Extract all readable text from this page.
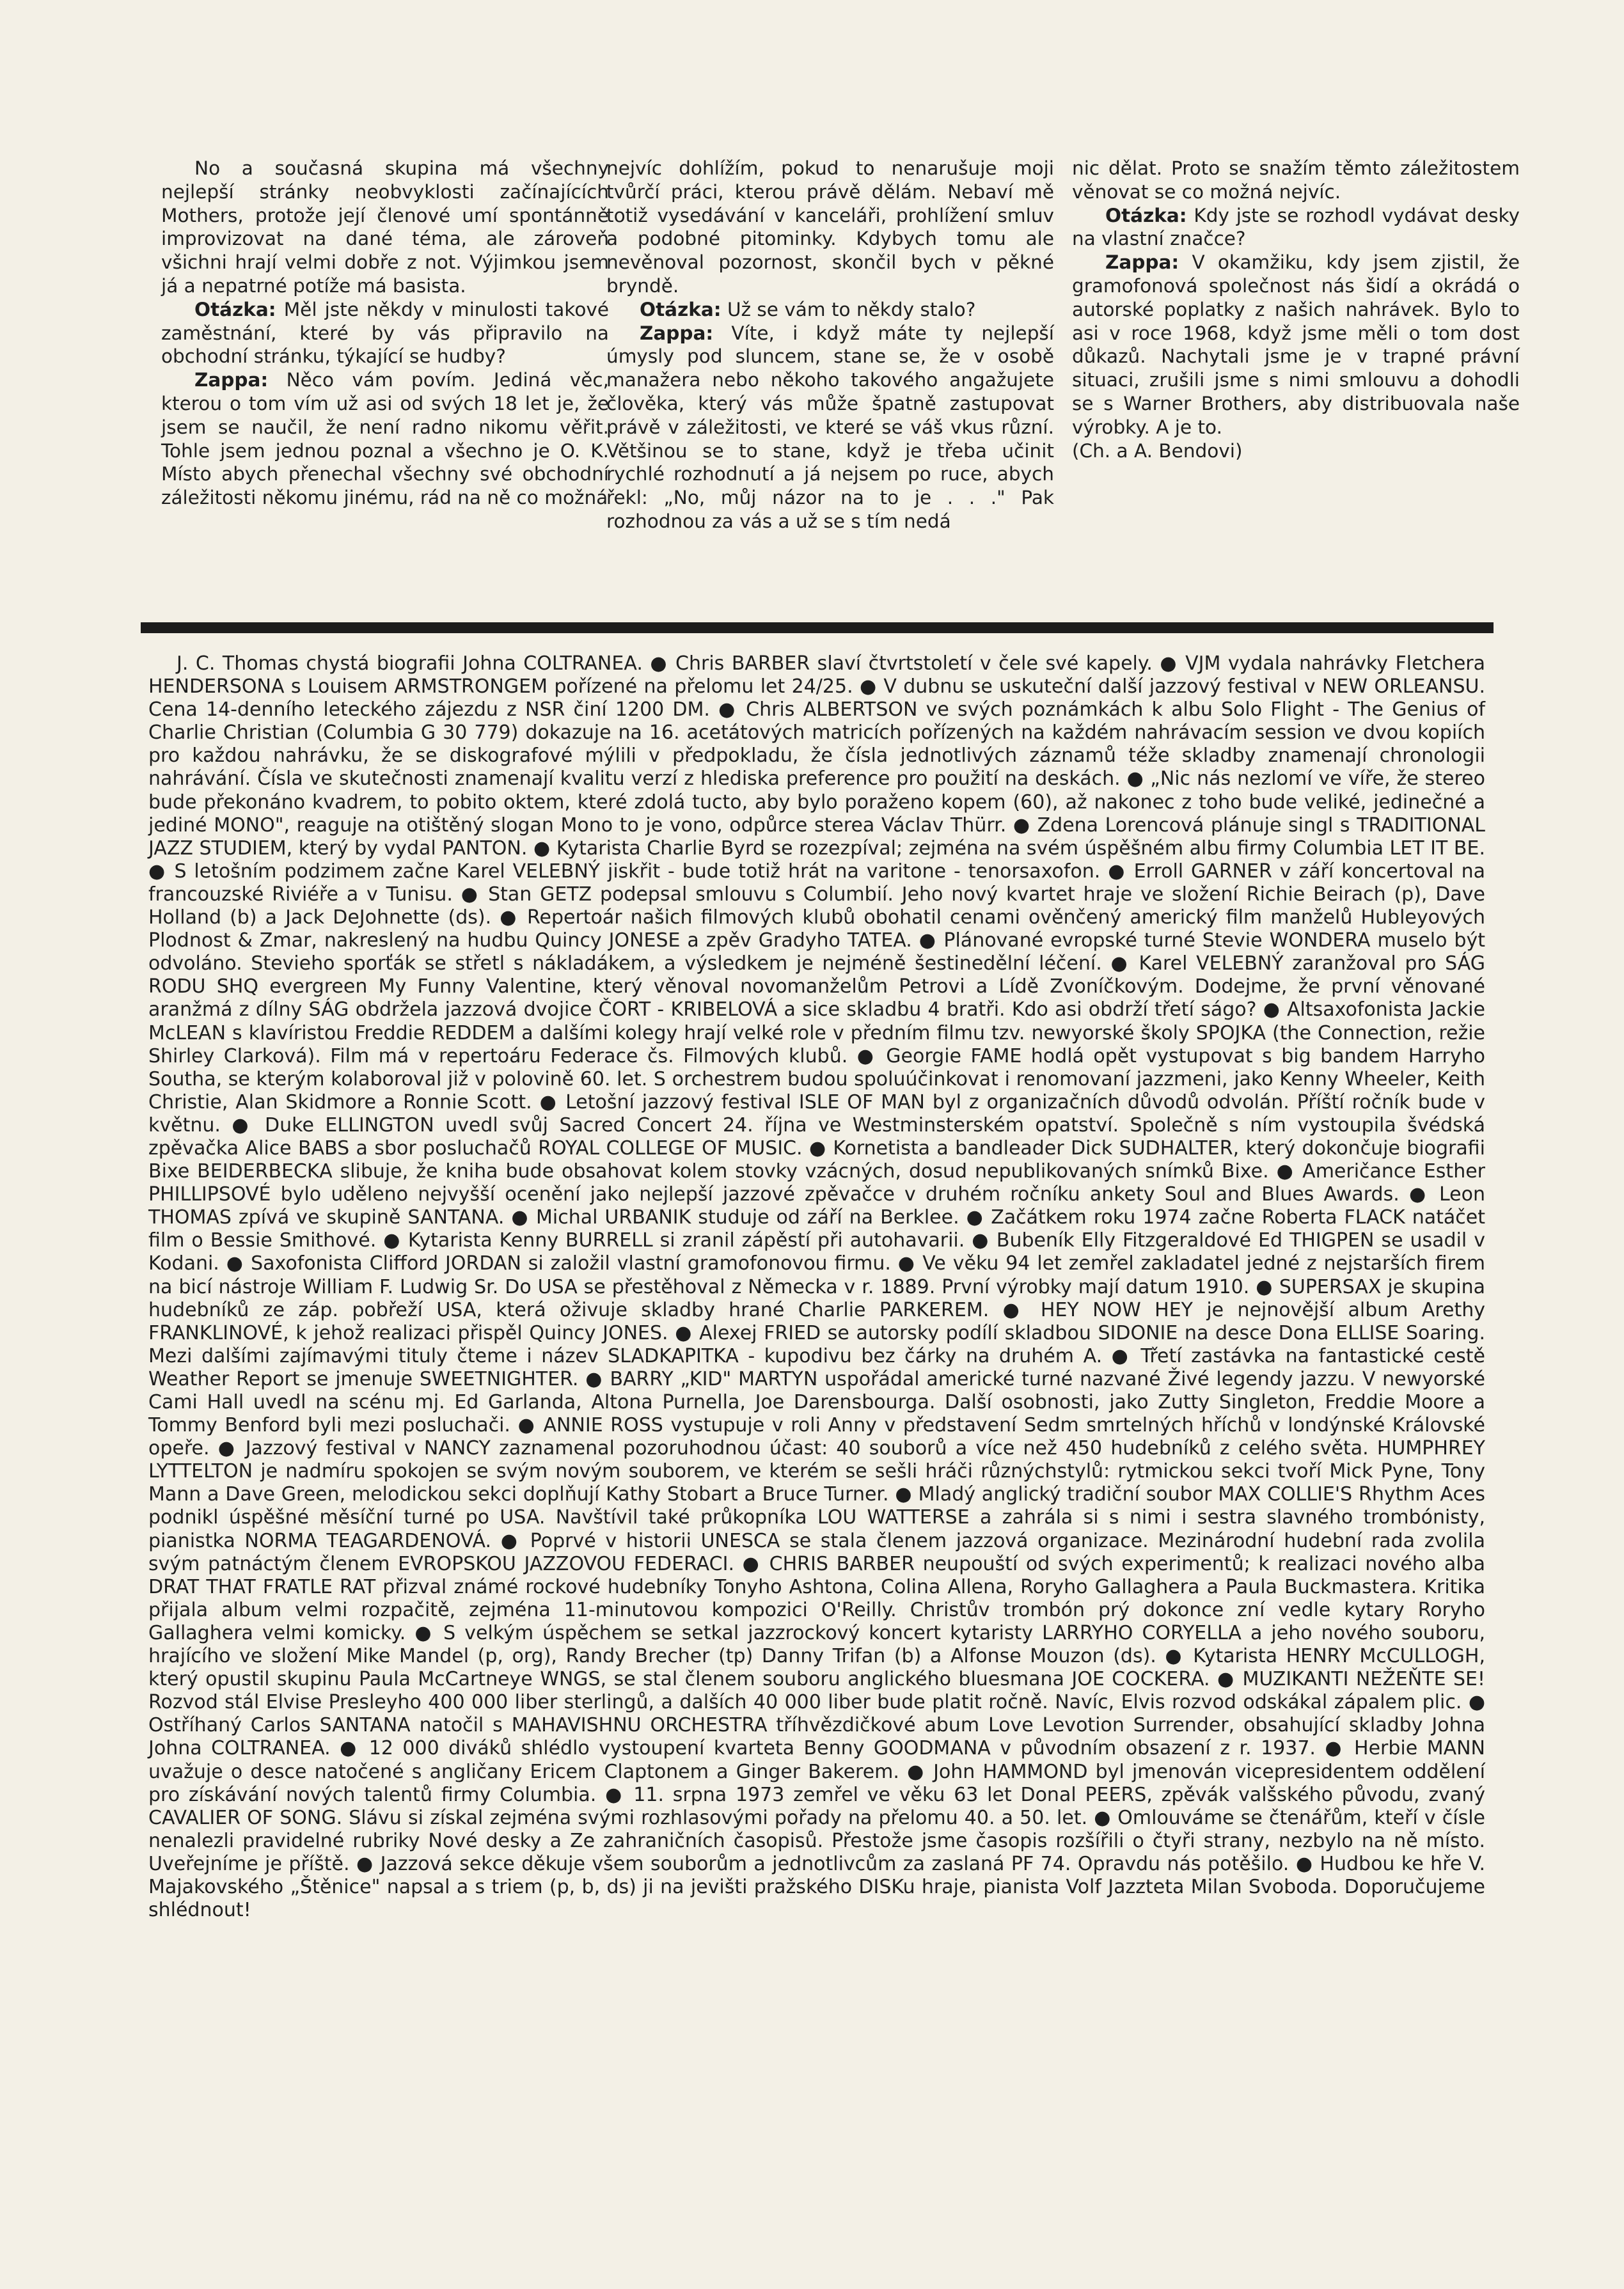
No a současná skupina má všechny nejlepší stránky neobvyklosti začínajících Mothers, protože její členové umí spontánně improvizovat na dané téma, ale zároveň všichni hrají velmi dobře z not. Výjimkou jsem já a nepatrné potíže má basista.

Otázka: Měl jste někdy v minulosti takové zaměstnání, které by vás připravilo na obchodní stránku, týkající se hudby?

Zappa: Něco vám povím. Jediná věc, kterou o tom vím už asi od svých 18 let je, že jsem se naučil, že není radno nikomu věřit. Tohle jsem jednou poznal a všechno je O. K. Místo abych přenechal všechny své obchodní záležitosti někomu jinému, rád na ně co možná

nejvíc dohlížím, pokud to nenarušuje moji tvůrčí práci, kterou právě dělám. Nebaví mě totiž vysedávání v kanceláři, prohlížení smluv a podobné pitominky. Kdybych tomu ale nevěnoval pozornost, skončil bych v pěkné bryndě.

Otázka: Už se vám to někdy stalo?

Zappa: Víte, i když máte ty nejlepší úmysly pod sluncem, stane se, že v osobě manažera nebo někoho takového angažujete člověka, který vás může špatně zastupovat právě v záležitosti, ve které se váš vkus různí. Většinou se to stane, když je třeba učinit rychlé rozhodnutí a já nejsem po ruce, abych řekl: „No, můj názor na to je . . ." Pak rozhodnou za vás a už se s tím nedá

nic dělat. Proto se snažím těmto záležitostem věnovat se co možná nejvíc.

Otázka: Kdy jste se rozhodl vydávat desky na vlastní značce?

Zappa: V okamžiku, kdy jsem zjistil, že gramofonová společnost nás šidí a okrádá o autorské poplatky z našich nahrávek. Bylo to asi v roce 1968, když jsme měli o tom dost důkazů. Nachytali jsme je v trapné právní situaci, zrušili jsme s nimi smlouvu a dohodli se s Warner Brothers, aby distribuovala naše výrobky. A je to.

(Ch. a A. Bendovi)

J. C. Thomas chystá biografii Johna COLTRANEA. ● Chris BARBER slaví čtvrtstoletí v čele své kapely. ● VJM vydala nahrávky Fletchera HENDERSONA s Louisem ARMSTRONGEM pořízené na přelomu let 24/25. ● V dubnu se uskuteční další jazzový festival v NEW ORLEANSU. Cena 14-denního leteckého zájezdu z NSR činí 1200 DM. ● Chris ALBERTSON ve svých poznámkách k albu Solo Flight - The Genius of Charlie Christian (Columbia G 30 779) dokazuje na 16. acetátových matricích pořízených na každém nahrávacím session ve dvou kopiích pro každou nahrávku, že se diskografové mýlili v předpokladu, že čísla jednotlivých záznamů téže skladby znamenají chronologii nahrávání. Čísla ve skutečnosti znamenají kvalitu verzí z hlediska preference pro použití na deskách. ● „Nic nás nezlomí ve víře, že stereo bude překonáno kvadrem, to pobito oktem, které zdolá tucto, aby bylo poraženo kopem (60), až nakonec z toho bude veliké, jedinečné a jediné MONO", reaguje na otištěný slogan Mono to je vono, odpůrce sterea Václav Thürr. ● Zdena Lorencová plánuje singl s TRADITIONAL JAZZ STUDIEM, který by vydal PANTON. ● Kytarista Charlie Byrd se rozezpíval; zejména na svém úspěšném albu firmy Columbia LET IT BE. ● S letošním podzimem začne Karel VELEBNÝ jiskřit - bude totiž hrát na varitone - tenorsaxofon. ● Erroll GARNER v září koncertoval na francouzské Riviéře a v Tunisu. ● Stan GETZ podepsal smlouvu s Columbií. Jeho nový kvartet hraje ve složení Richie Beirach (p), Dave Holland (b) a Jack DeJohnette (ds). ● Repertoár našich filmových klubů obohatil cenami ověnčený americký film manželů Hubleyových Plodnost & Zmar, nakreslený na hudbu Quincy JONESE a zpěv Gradyho TATEA. ● Plánované evropské turné Stevie WONDERA muselo být odvoláno. Stevieho sporťák se střetl s nákladákem, a výsledkem je nejméně šestinedělní léčení. ● Karel VELEBNÝ zaranžoval pro SÁG RODU SHQ evergreen My Funny Valentine, který věnoval novomanželům Petrovi a Lídě Zvoníčkovým. Dodejme, že první věnované aranžmá z dílny SÁG obdržela jazzová dvojice ČORT - KRIBELOVÁ a sice skladbu 4 bratři. Kdo asi obdrží třetí ságo? ● Altsaxofonista Jackie McLEAN s klavíristou Freddie REDDEM a dalšími kolegy hrají velké role v předním filmu tzv. newyorské školy SPOJKA (the Connection, režie Shirley Clarková). Film má v repertoáru Federace čs. Filmových klubů. ● Georgie FAME hodlá opět vystupovat s big bandem Harryho Southa, se kterým kolaboroval již v polovině 60. let. S orchestrem budou spoluúčinkovat i renomovaní jazzmeni, jako Kenny Wheeler, Keith Christie, Alan Skidmore a Ronnie Scott. ● Letošní jazzový festival ISLE OF MAN byl z organizačních důvodů odvolán. Příští ročník bude v květnu. ● Duke ELLINGTON uvedl svůj Sacred Concert 24. října ve Westminsterském opatství. Společně s ním vystoupila švédská zpěvačka Alice BABS a sbor posluchačů ROYAL COLLEGE OF MUSIC. ● Kornetista a bandleader Dick SUDHALTER, který dokončuje biografii Bixe BEIDERBECKA slibuje, že kniha bude obsahovat kolem stovky vzácných, dosud nepublikovaných snímků Bixe. ● Američance Esther PHILLIPSOVÉ bylo uděleno nejvyšší ocenění jako nejlepší jazzové zpěvačce v druhém ročníku ankety Soul and Blues Awards. ● Leon THOMAS zpívá ve skupině SANTANA. ● Michal URBANIK studuje od září na Berklee. ● Začátkem roku 1974 začne Roberta FLACK natáčet film o Bessie Smithové. ● Kytarista Kenny BURRELL si zranil zápěstí při autohavarii. ● Bubeník Elly Fitzgeraldové Ed THIGPEN se usadil v Kodani. ● Saxofonista Clifford JORDAN si založil vlastní gramofonovou firmu. ● Ve věku 94 let zemřel zakladatel jedné z nejstarších firem na bicí nástroje William F. Ludwig Sr. Do USA se přestěhoval z Německa v r. 1889. První výrobky mají datum 1910. ● SUPERSAX je skupina hudebníků ze záp. pobřeží USA, která oživuje skladby hrané Charlie PARKEREM. ● HEY NOW HEY je nejnovější album Arethy FRANKLINOVÉ, k jehož realizaci přispěl Quincy JONES. ● Alexej FRIED se autorsky podílí skladbou SIDONIE na desce Dona ELLISE Soaring. Mezi dalšími zajímavými tituly čteme i název SLADKAPITKA - kupodivu bez čárky na druhém A. ● Třetí zastávka na fantastické cestě Weather Report se jmenuje SWEETNIGHTER. ● BARRY „KID" MARTYN uspořádal americké turné nazvané Živé legendy jazzu. V newyorské Cami Hall uvedl na scénu mj. Ed Garlanda, Altona Purnella, Joe Darensbourga. Další osobnosti, jako Zutty Singleton, Freddie Moore a Tommy Benford byli mezi posluchači. ● ANNIE ROSS vystupuje v roli Anny v představení Sedm smrtelných hříchů v londýnské Královské opeře. ● Jazzový festival v NANCY zaznamenal pozoruhodnou účast: 40 souborů a více než 450 hudebníků z celého světa. HUMPHREY LYTTELTON je nadmíru spokojen se svým novým souborem, ve kterém se sešli hráči různýchstylů: rytmickou sekci tvoří Mick Pyne, Tony Mann a Dave Green, melodickou sekci doplňují Kathy Stobart a Bruce Turner. ● Mladý anglický tradiční soubor MAX COLLIE'S Rhythm Aces podnikl úspěšné měsíční turné po USA. Navštívil také průkopníka LOU WATTERSE a zahrála si s nimi i sestra slavného trombónisty, pianistka NORMA TEAGARDENOVÁ. ● Poprvé v historii UNESCA se stala členem jazzová organizace. Mezinárodní hudební rada zvolila svým patnáctým členem EVROPSKOU JAZZOVOU FEDERACI. ● CHRIS BARBER neupouští od svých experimentů; k realizaci nového alba DRAT THAT FRATLE RAT přizval známé rockové hudebníky Tonyho Ashtona, Colina Allena, Roryho Gallaghera a Paula Buckmastera. Kritika přijala album velmi rozpačitě, zejména 11-minutovou kompozici O'Reilly. Christův trombón prý dokonce zní vedle kytary Roryho Gallaghera velmi komicky. ● S velkým úspěchem se setkal jazzrockový koncert kytaristy LARRYHO CORYELLA a jeho nového souboru, hrajícího ve složení Mike Mandel (p, org), Randy Brecher (tp) Danny Trifan (b) a Alfonse Mouzon (ds). ● Kytarista HENRY McCULLOGH, který opustil skupinu Paula McCartneye WNGS, se stal členem souboru anglického bluesmana JOE COCKERA. ● MUZIKANTI NEŽEŇTE SE! Rozvod stál Elvise Presleyho 400 000 liber sterlingů, a dalších 40 000 liber bude platit ročně. Navíc, Elvis rozvod odskákal zápalem plic. ● Ostříhaný Carlos SANTANA natočil s MAHAVISHNU ORCHESTRA tříhvězdičkové abum Love Levotion Surrender, obsahující skladby Johna Johna COLTRANEA. ● 12 000 diváků shlédlo vystoupení kvarteta Benny GOODMANA v původním obsazení z r. 1937. ● Herbie MANN uvažuje o desce natočené s angličany Ericem Claptonem a Ginger Bakerem. ● John HAMMOND byl jmenován vicepresidentem oddělení pro získávání nových talentů firmy Columbia. ● 11. srpna 1973 zemřel ve věku 63 let Donal PEERS, zpěvák valšského původu, zvaný CAVALIER OF SONG. Slávu si získal zejména svými rozhlasovými pořady na přelomu 40. a 50. let. ● Omlouváme se čtenářům, kteří v čísle nenalezli pravidelné rubriky Nové desky a Ze zahraničních časopisů. Přestože jsme časopis rozšířili o čtyři strany, nezbylo na ně místo. Uveřejníme je příště. ● Jazzová sekce děkuje všem souborům a jednotlivcům za zaslaná PF 74. Opravdu nás potěšilo. ● Hudbou ke hře V. Majakovského „Štěnice" napsal a s triem (p, b, ds) ji na jevišti pražského DISKu hraje, pianista Volf Jazzteta Milan Svoboda. Doporučujeme shlédnout!
